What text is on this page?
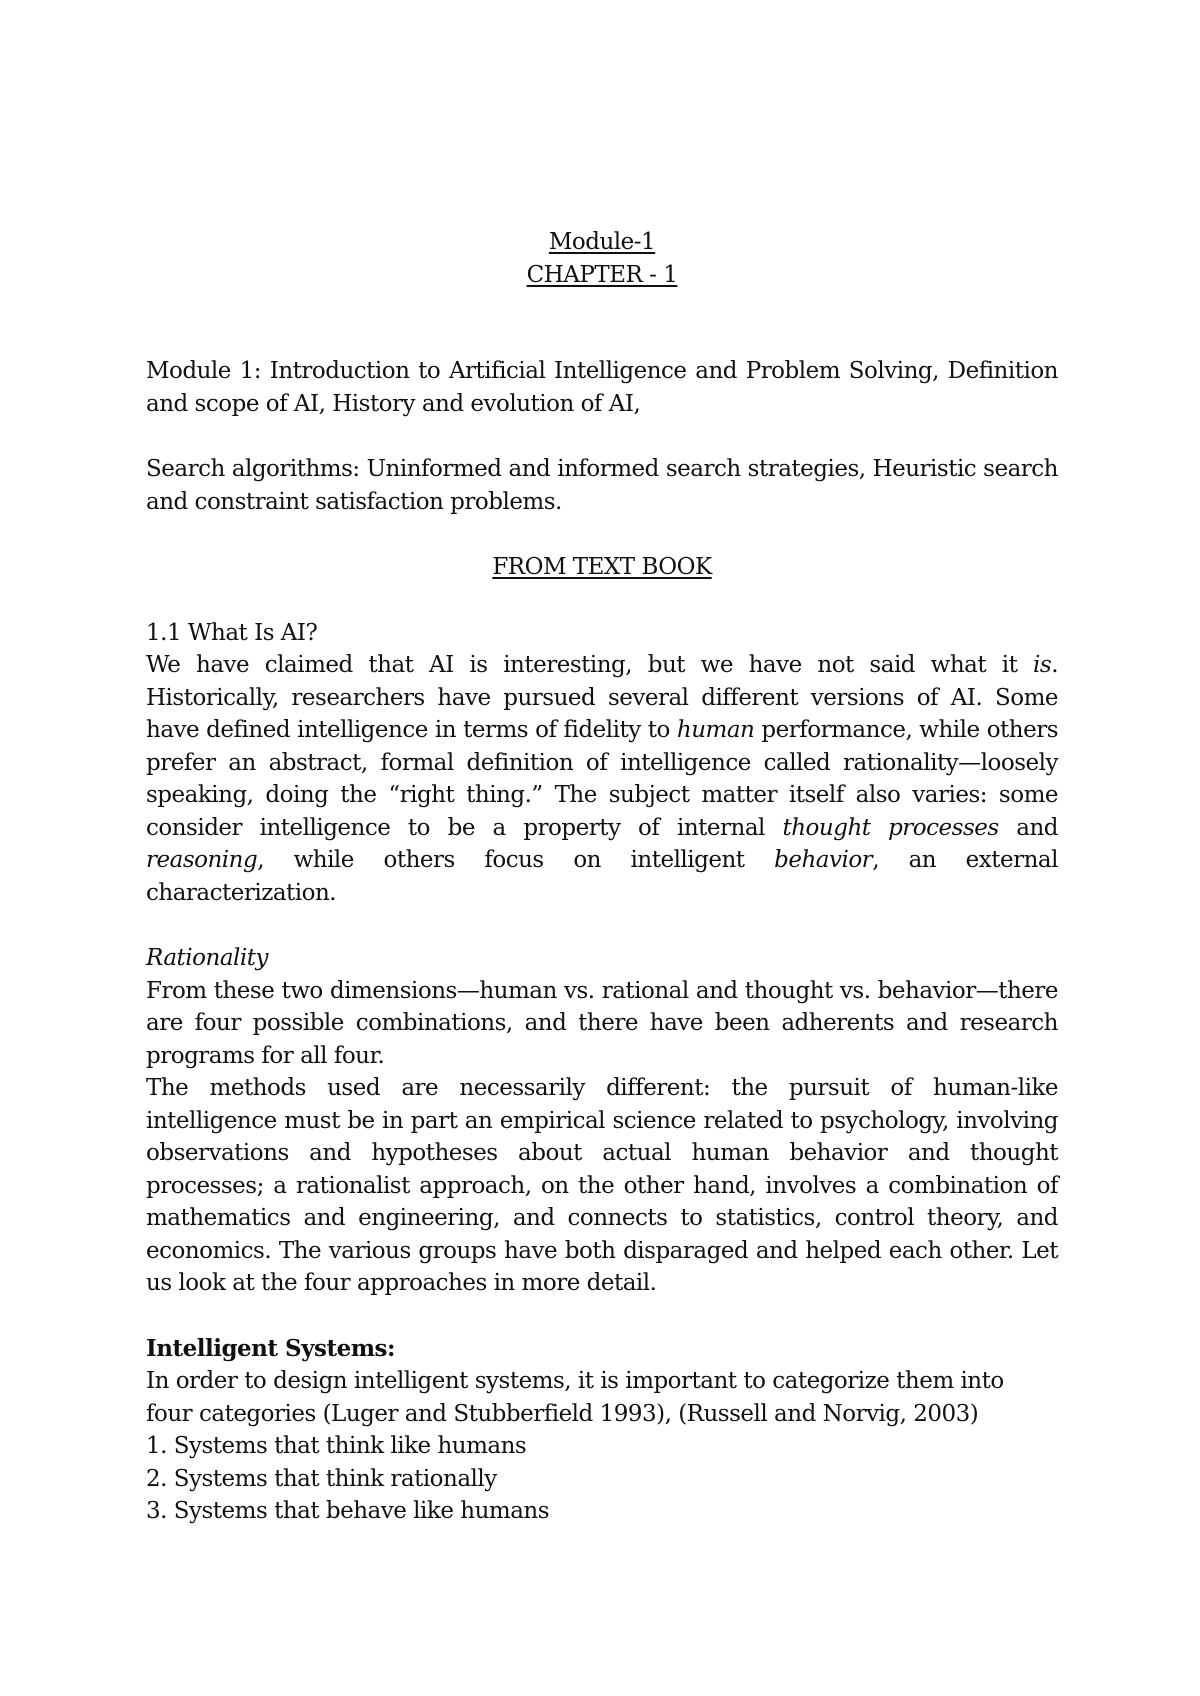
Module-1

CHAPTER - 1

Module 1: Introduction to Artificial Intelligence and Problem Solving, Definition and scope of AI, History and evolution of AI,

Search algorithms: Uninformed and informed search strategies, Heuristic search and constraint satisfaction problems.

FROM TEXT BOOK

1.1 What Is AI?

We have claimed that AI is interesting, but we have not said what it is. Historically, researchers have pursued several different versions of AI. Some have defined intelligence in terms of fidelity to human performance, while others prefer an abstract, formal definition of intelligence called rationality—loosely speaking, doing the “right thing.” The subject matter itself also varies: some consider intelligence to be a property of internal thought processes and reasoning, while others focus on intelligent behavior, an external characterization.

Rationality

From these two dimensions—human vs. rational and thought vs. behavior—there are four possible combinations, and there have been adherents and research programs for all four.

The methods used are necessarily different: the pursuit of human-like intelligence must be in part an empirical science related to psychology, involving observations and hypotheses about actual human behavior and thought processes; a rationalist approach, on the other hand, involves a combination of mathematics and engineering, and connects to statistics, control theory, and economics. The various groups have both disparaged and helped each other. Let us look at the four approaches in more detail.

Intelligent Systems:

In order to design intelligent systems, it is important to categorize them into

four categories (Luger and Stubberfield 1993), (Russell and Norvig, 2003)

1. Systems that think like humans

2. Systems that think rationally

3. Systems that behave like humans
